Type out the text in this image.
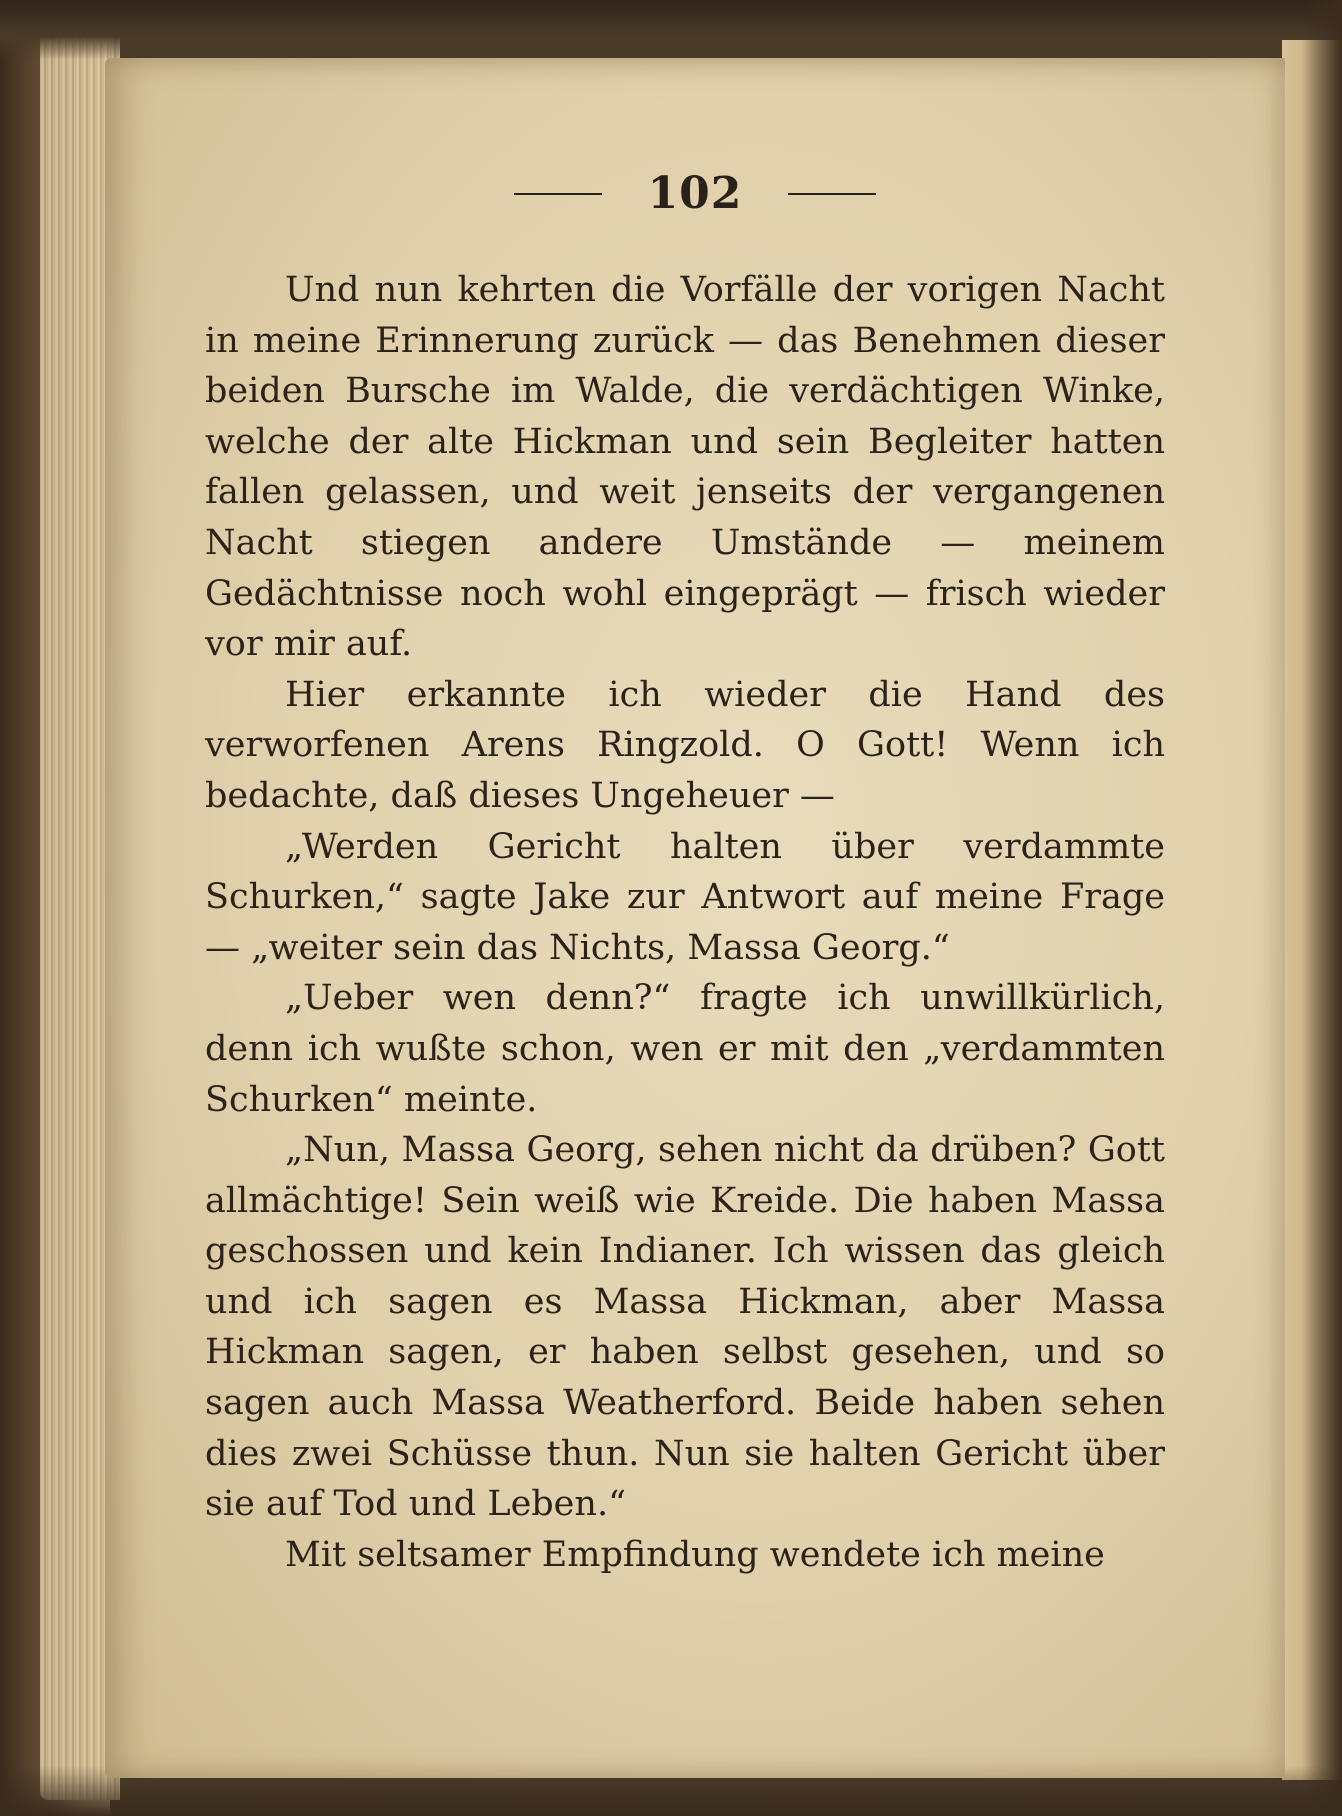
102

Und nun kehrten die Vorfälle der vorigen Nacht in meine Erinnerung zurück — das Benehmen dieser beiden Bursche im Walde, die verdächtigen Winke, welche der alte Hickman und sein Begleiter hatten fallen gelassen, und weit jenseits der vergangenen Nacht stiegen andere Umstände — meinem Gedächtnisse noch wohl eingeprägt — frisch wieder vor mir auf.

Hier erkannte ich wieder die Hand des verworfenen Arens Ringzold. O Gott! Wenn ich bedachte, daß dieses Ungeheuer —

„Werden Gericht halten über verdammte Schurken,“ sagte Jake zur Antwort auf meine Frage — „weiter sein das Nichts, Massa Georg.“

„Ueber wen denn?“ fragte ich unwillkürlich, denn ich wußte schon, wen er mit den „verdammten Schurken“ meinte.

„Nun, Massa Georg, sehen nicht da drüben? Gott allmächtige! Sein weiß wie Kreide. Die haben Massa geschossen und kein Indianer. Ich wissen das gleich und ich sagen es Massa Hickman, aber Massa Hickman sagen, er haben selbst gesehen, und so sagen auch Massa Weatherford. Beide haben sehen dies zwei Schüsse thun. Nun sie halten Gericht über sie auf Tod und Leben.“

Mit seltsamer Empfindung wendete ich meine
